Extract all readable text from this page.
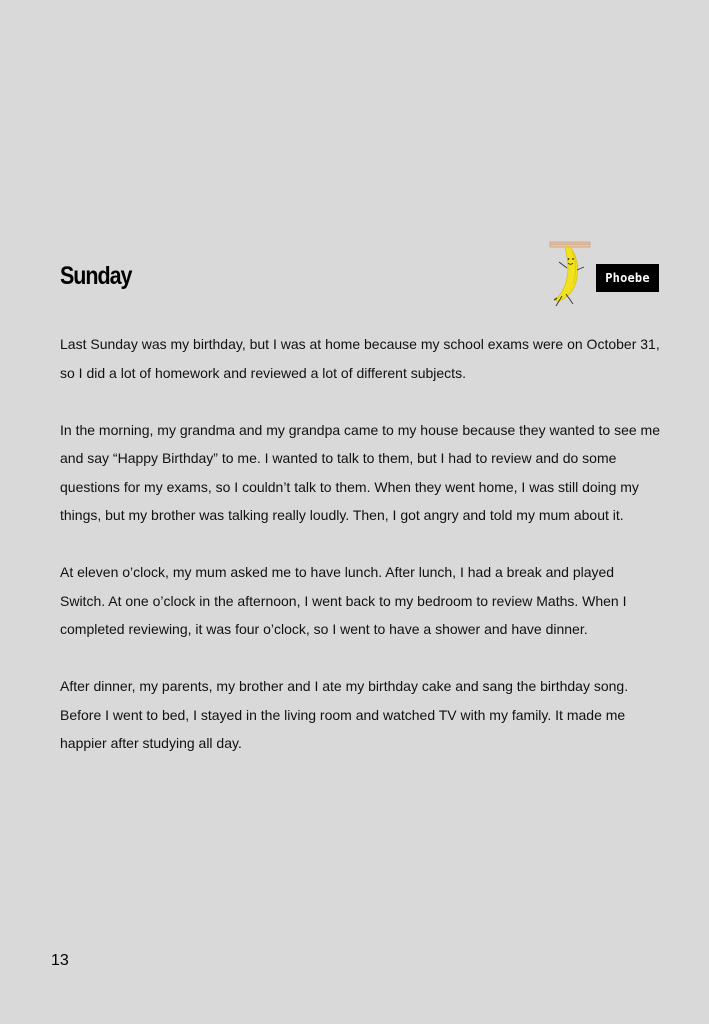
Sunday	Phoebe

Last Sunday was my birthday, but I was at home because my school exams were on October 31, so I did a lot of homework and reviewed a lot of different subjects.

In the morning, my grandma and my grandpa came to my house because they wanted to see me and say “Happy Birthday” to me. I wanted to talk to them, but I had to review and do some questions for my exams, so I couldn’t talk to them. When they went home, I was still doing my things, but my brother was talking really loudly. Then, I got angry and told my mum about it.

At eleven o’clock, my mum asked me to have lunch. After lunch, I had a break and played Switch. At one o’clock in the afternoon, I went back to my bedroom to review Maths. When I completed reviewing, it was four o’clock, so I went to have a shower and have dinner.

After dinner, my parents, my brother and I ate my birthday cake and sang the birthday song. Before I went to bed, I stayed in the living room and watched TV with my family. It made me happier after studying all day.

13
